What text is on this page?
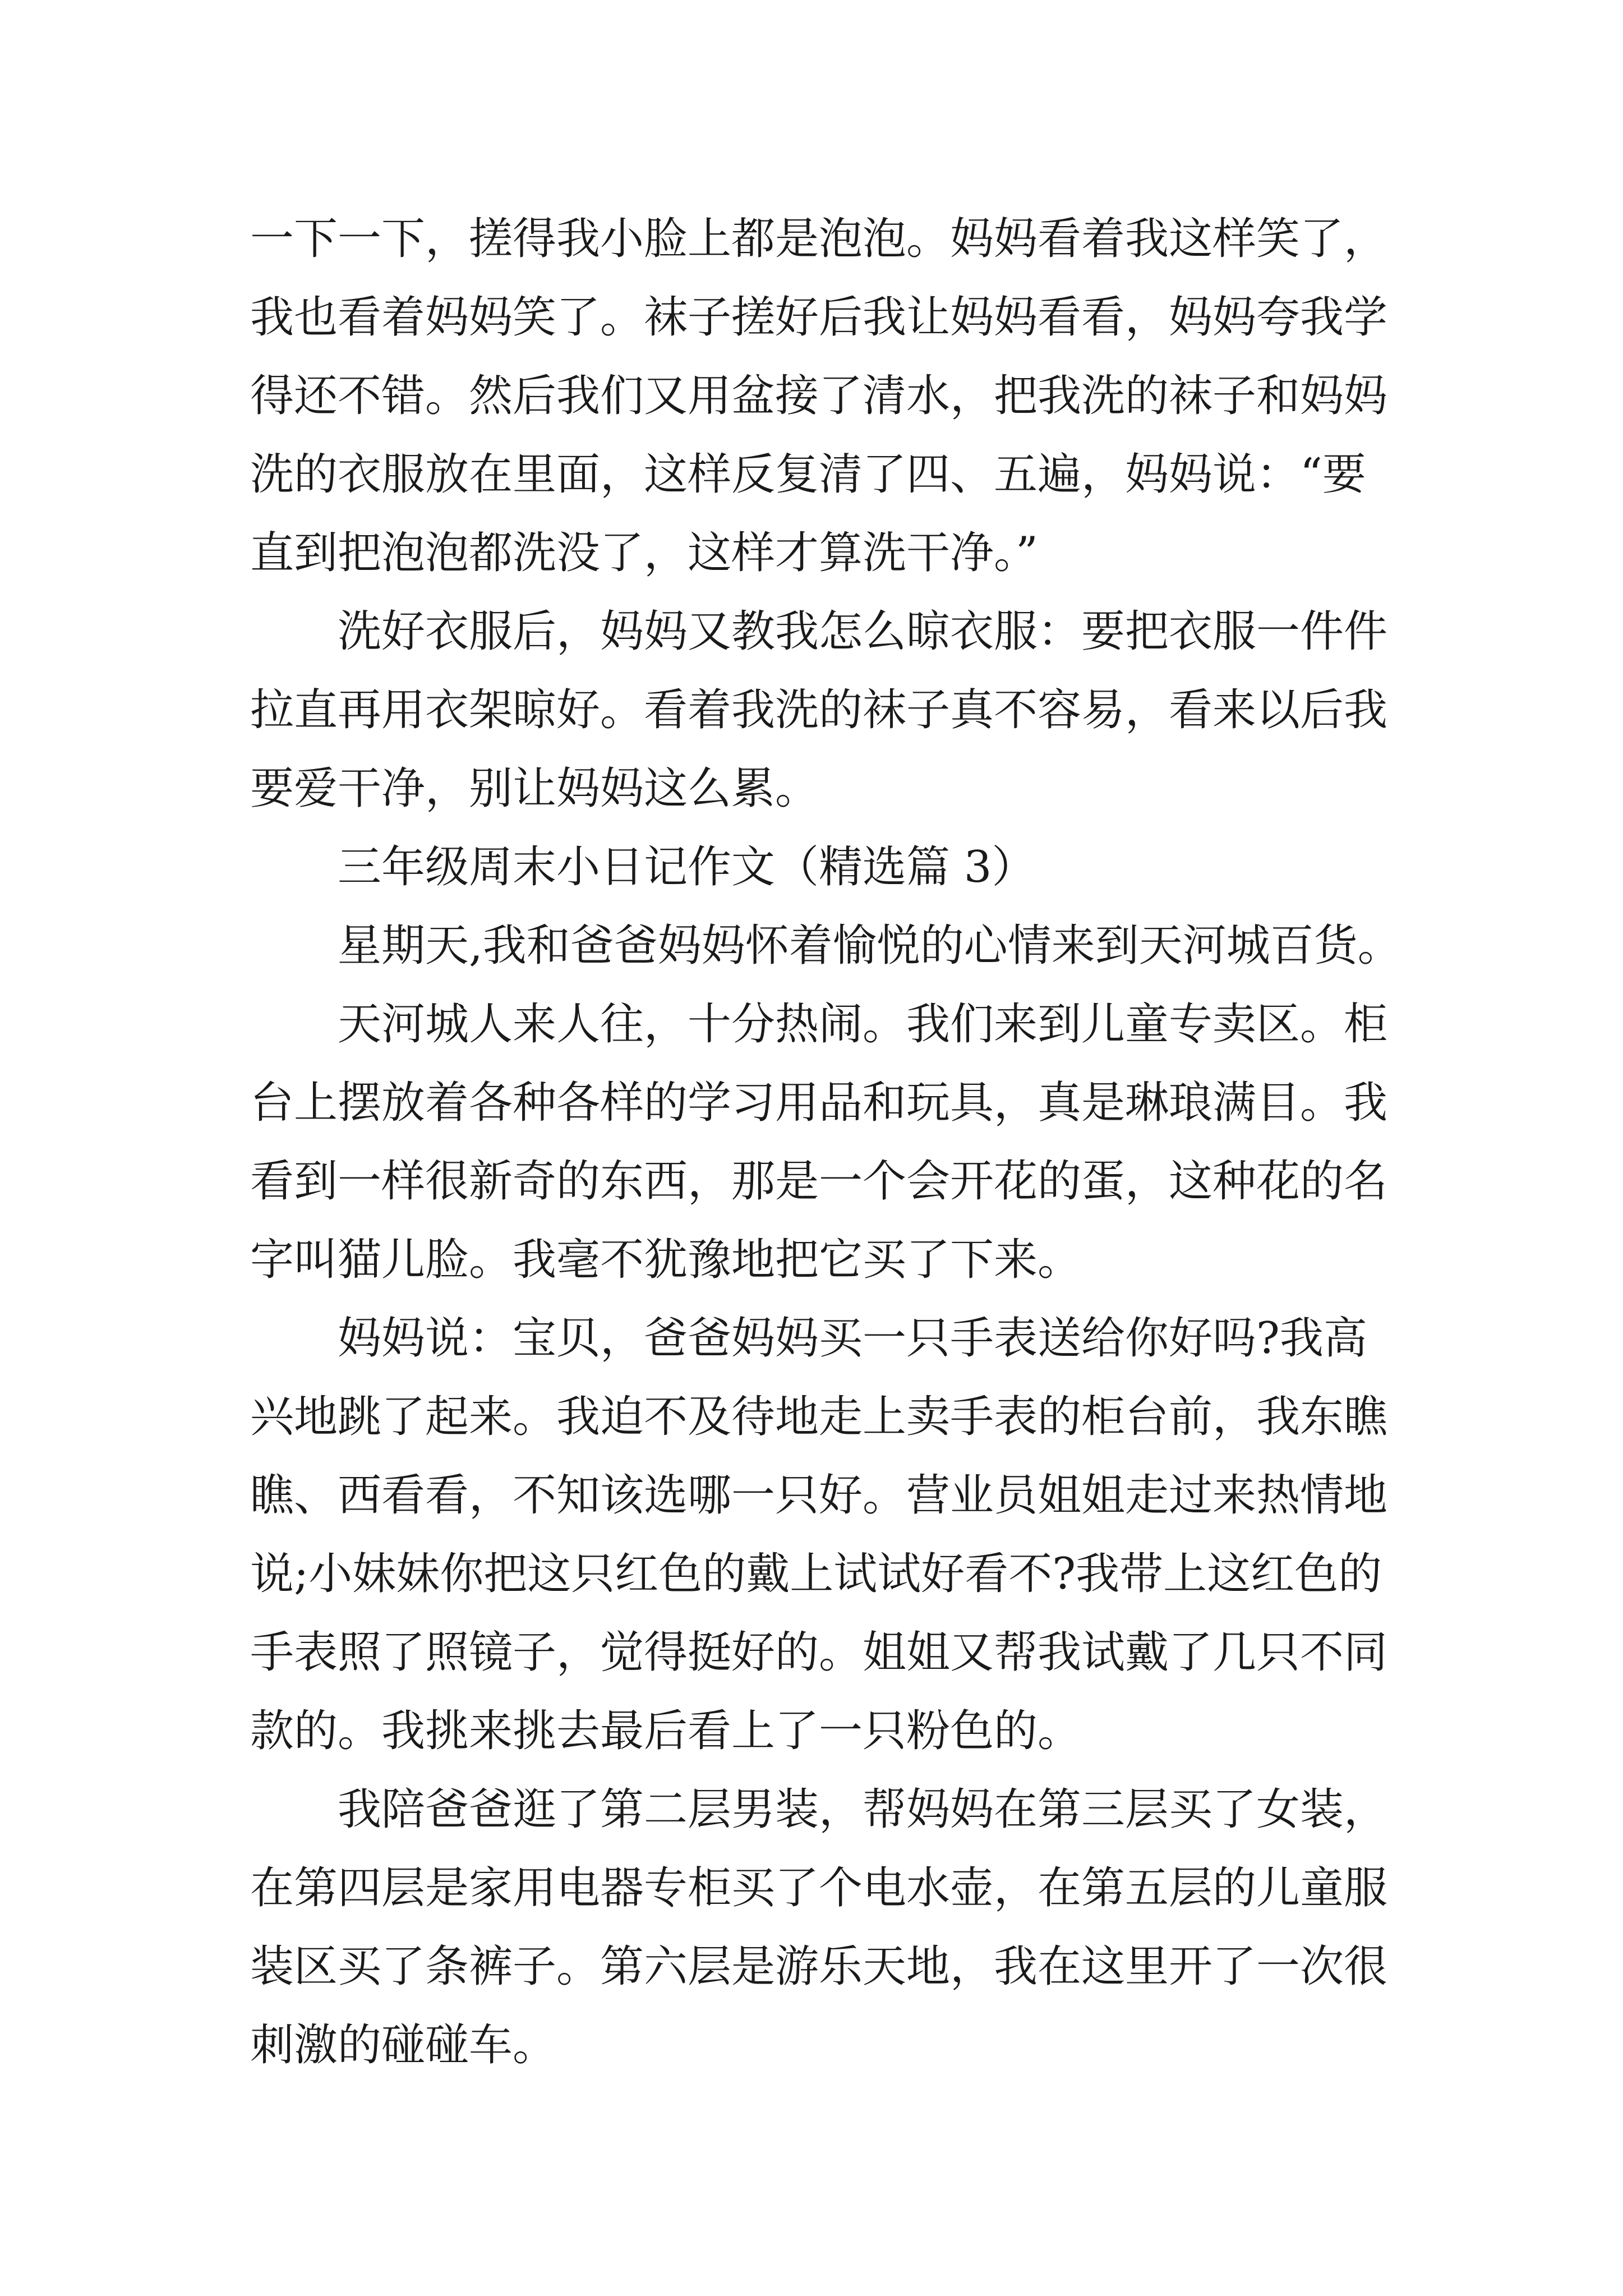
一下一下，搓得我小脸上都是泡泡。妈妈看着我这样笑了，
我也看着妈妈笑了。袜子搓好后我让妈妈看看，妈妈夸我学
得还不错。然后我们又用盆接了清水，把我洗的袜子和妈妈
洗的衣服放在里面，这样反复清了四、五遍，妈妈说：“要
直到把泡泡都洗没了，这样才算洗干净。”
洗好衣服后，妈妈又教我怎么晾衣服：要把衣服一件件
拉直再用衣架晾好。看着我洗的袜子真不容易，看来以后我
要爱干净，别让妈妈这么累。
三年级周末小日记作文（精选篇 3）
星期天,我和爸爸妈妈怀着愉悦的心情来到天河城百货。
天河城人来人往，十分热闹。我们来到儿童专卖区。柜
台上摆放着各种各样的学习用品和玩具，真是琳琅满目。我
看到一样很新奇的东西，那是一个会开花的蛋，这种花的名
字叫猫儿脸。我毫不犹豫地把它买了下来。
妈妈说：宝贝，爸爸妈妈买一只手表送给你好吗?我高
兴地跳了起来。我迫不及待地走上卖手表的柜台前，我东瞧
瞧、西看看，不知该选哪一只好。营业员姐姐走过来热情地
说;小妹妹你把这只红色的戴上试试好看不?我带上这红色的
手表照了照镜子，觉得挺好的。姐姐又帮我试戴了几只不同
款的。我挑来挑去最后看上了一只粉色的。
我陪爸爸逛了第二层男装，帮妈妈在第三层买了女装，
在第四层是家用电器专柜买了个电水壶，在第五层的儿童服
装区买了条裤子。第六层是游乐天地，我在这里开了一次很
刺激的碰碰车。
